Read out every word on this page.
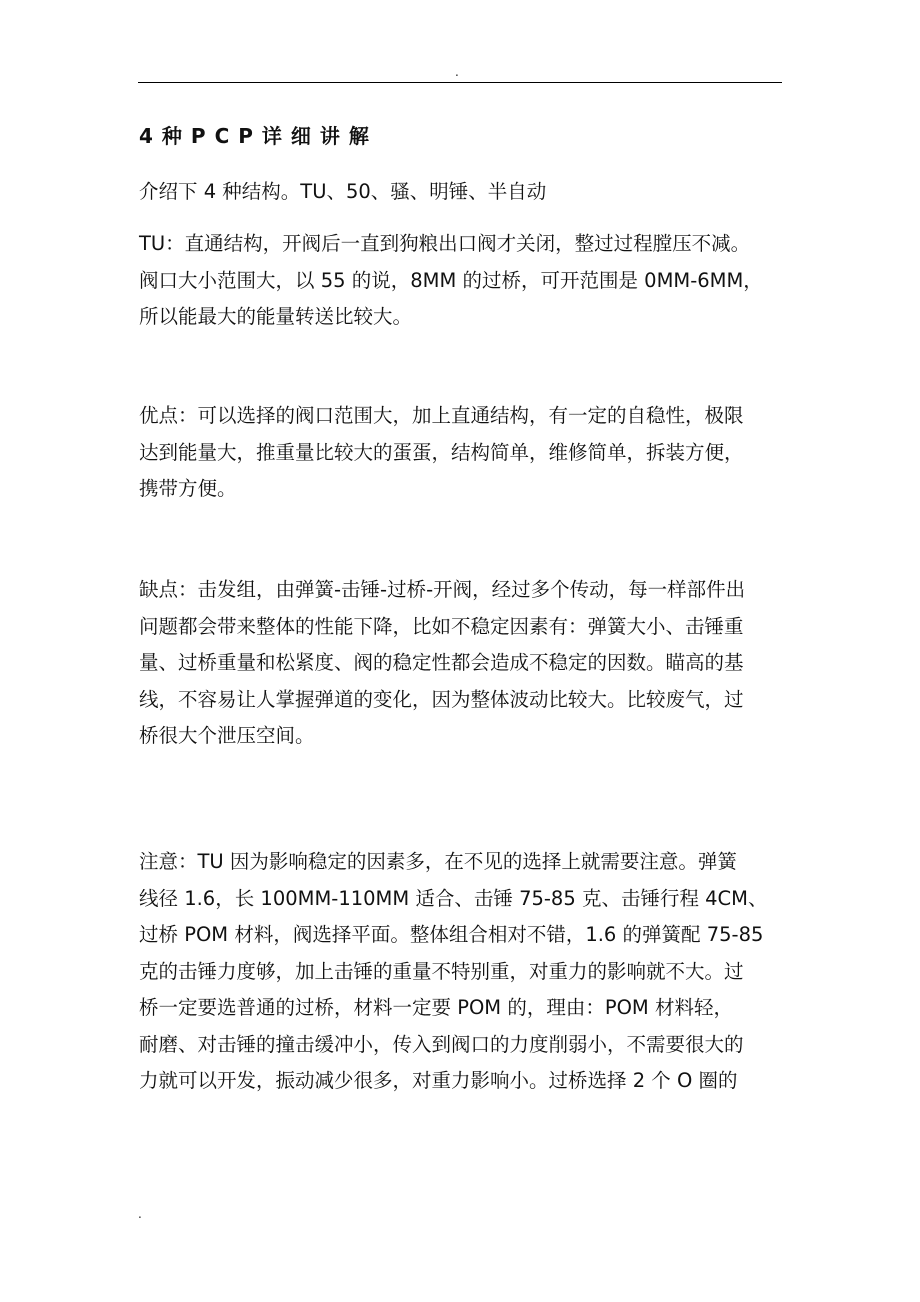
.
4种PCP详细讲解
介绍下 4 种结构。TU、50、骚、明锤、半自动
TU：直通结构，开阀后一直到狗粮出口阀才关闭，整过过程膛压不减。
阀口大小范围大，以 55 的说，8MM 的过桥，可开范围是 0MM-6MM，
所以能最大的能量转送比较大。
优点：可以选择的阀口范围大，加上直通结构，有一定的自稳性，极限
达到能量大，推重量比较大的蛋蛋，结构简单，维修简单，拆装方便，
携带方便。
缺点：击发组，由弹簧-击锤-过桥-开阀，经过多个传动，每一样部件出
问题都会带来整体的性能下降，比如不稳定因素有：弹簧大小、击锤重
量、过桥重量和松紧度、阀的稳定性都会造成不稳定的因数。瞄高的基
线，不容易让人掌握弹道的变化，因为整体波动比较大。比较废气，过
桥很大个泄压空间。
注意：TU 因为影响稳定的因素多，在不见的选择上就需要注意。弹簧
线径 1.6，长 100MM-110MM 适合、击锤 75-85 克、击锤行程 4CM、
过桥 POM 材料，阀选择平面。整体组合相对不错，1.6 的弹簧配 75-85
克的击锤力度够，加上击锤的重量不特别重，对重力的影响就不大。过
桥一定要选普通的过桥，材料一定要 POM 的，理由：POM 材料轻，
耐磨、对击锤的撞击缓冲小，传入到阀口的力度削弱小，不需要很大的
力就可以开发，振动减少很多，对重力影响小。过桥选择 2 个 O 圈的
.
